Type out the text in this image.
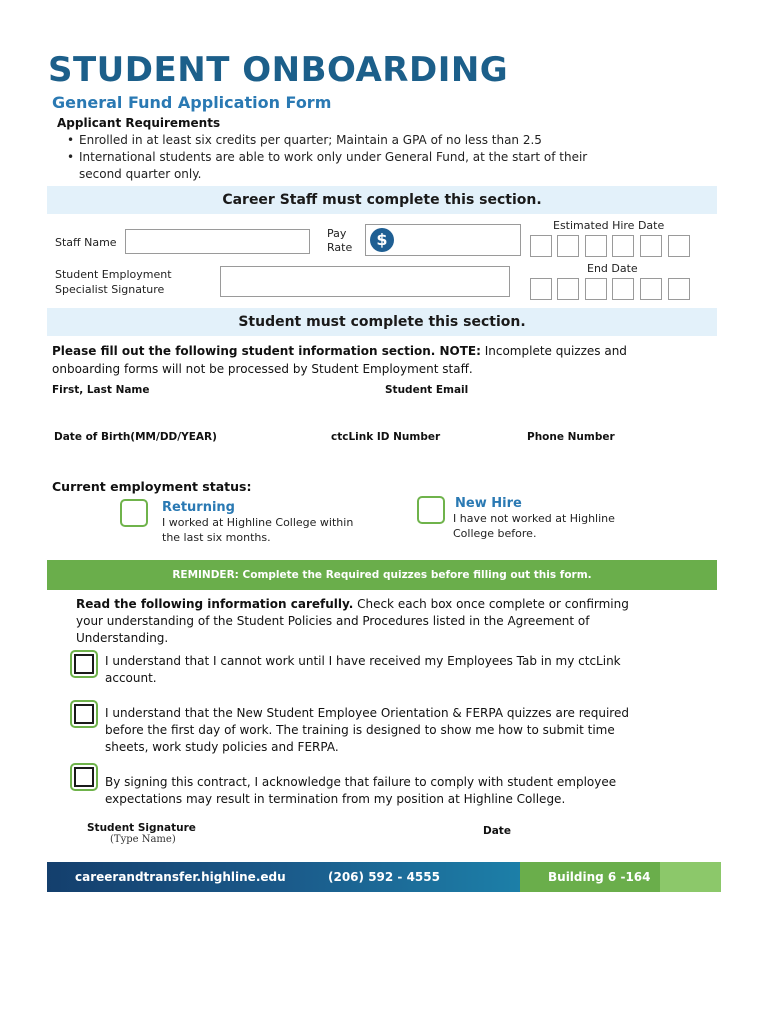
STUDENT ONBOARDING
General Fund Application Form
Applicant Requirements
• Enrolled in at least six credits per quarter; Maintain a GPA of no less than 2.5
• International students are able to work only under General Fund, at the start of their
second quarter only.
Career Staff must complete this section.
Staff Name
Pay
Rate	$
Estimated Hire Date
Student Employment
Specialist Signature
End Date
Student must complete this section.
Please fill out the following student information section. NOTE: Incomplete quizzes and
onboarding forms will not be processed by Student Employment staff.
First, Last Name	Student Email
Date of Birth(MM/DD/YEAR)	ctcLink ID Number	Phone Number
Current employment status:
Returning
I worked at Highline College within
the last six months.
New Hire
I have not worked at Highline
College before.
REMINDER: Complete the Required quizzes before filling out this form.
Read the following information carefully. Check each box once complete or confirming
your understanding of the Student Policies and Procedures listed in the Agreement of
Understanding.
I understand that I cannot work until I have received my Employees Tab in my ctcLink
account.
I understand that the New Student Employee Orientation & FERPA quizzes are required
before the first day of work. The training is designed to show me how to submit time
sheets, work study policies and FERPA.
By signing this contract, I acknowledge that failure to comply with student employee
expectations may result in termination from my position at Highline College.
Student Signature
(Type Name)
Date
careerandtransfer.highline.edu	(206) 592 - 4555	Building 6 -164
